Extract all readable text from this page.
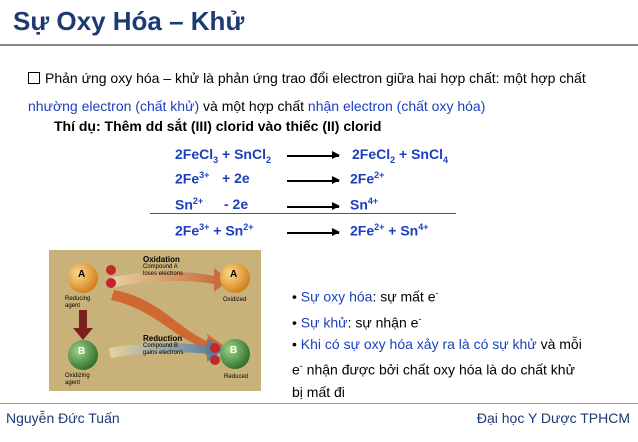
Sự Oxy Hóa – Khử
Phản ứng oxy hóa – khử là phản ứng trao đổi electron giữa hai hợp chất: một hợp chất
nhường electron (chất khử) và một hợp chất nhận electron (chất oxy hóa)
Thí dụ: Thêm dd sắt (III) clorid vào thiếc (II) clorid
2FeCl$_3$ + SnCl$_2$ → 2FeCl$_2$ + SnCl$_4$
$2Fe^{3+} + 2e \to 2Fe^{2+}$
$Sn^{2+} - 2e \to Sn^{4+}$
$2Fe^{3+} + Sn^{2+} \to 2Fe^{2+} + Sn^{4+}$
A	A
B	B
Oxidation
Compound A
loses electrons
Reduction
Compound B
gains electrons
Reducing
agent
Oxidized
Oxidizing
agent
Reduced
• Sự oxy hóa: sự mất e-
• Sự khử: sự nhận e-
• Khi có sự oxy hóa xảy ra là có sự khử và mỗi
e- nhận được bởi chất oxy hóa là do chất khử
bị mất đi
Nguyễn Đức Tuấn	Đại học Y Dược TPHCM
